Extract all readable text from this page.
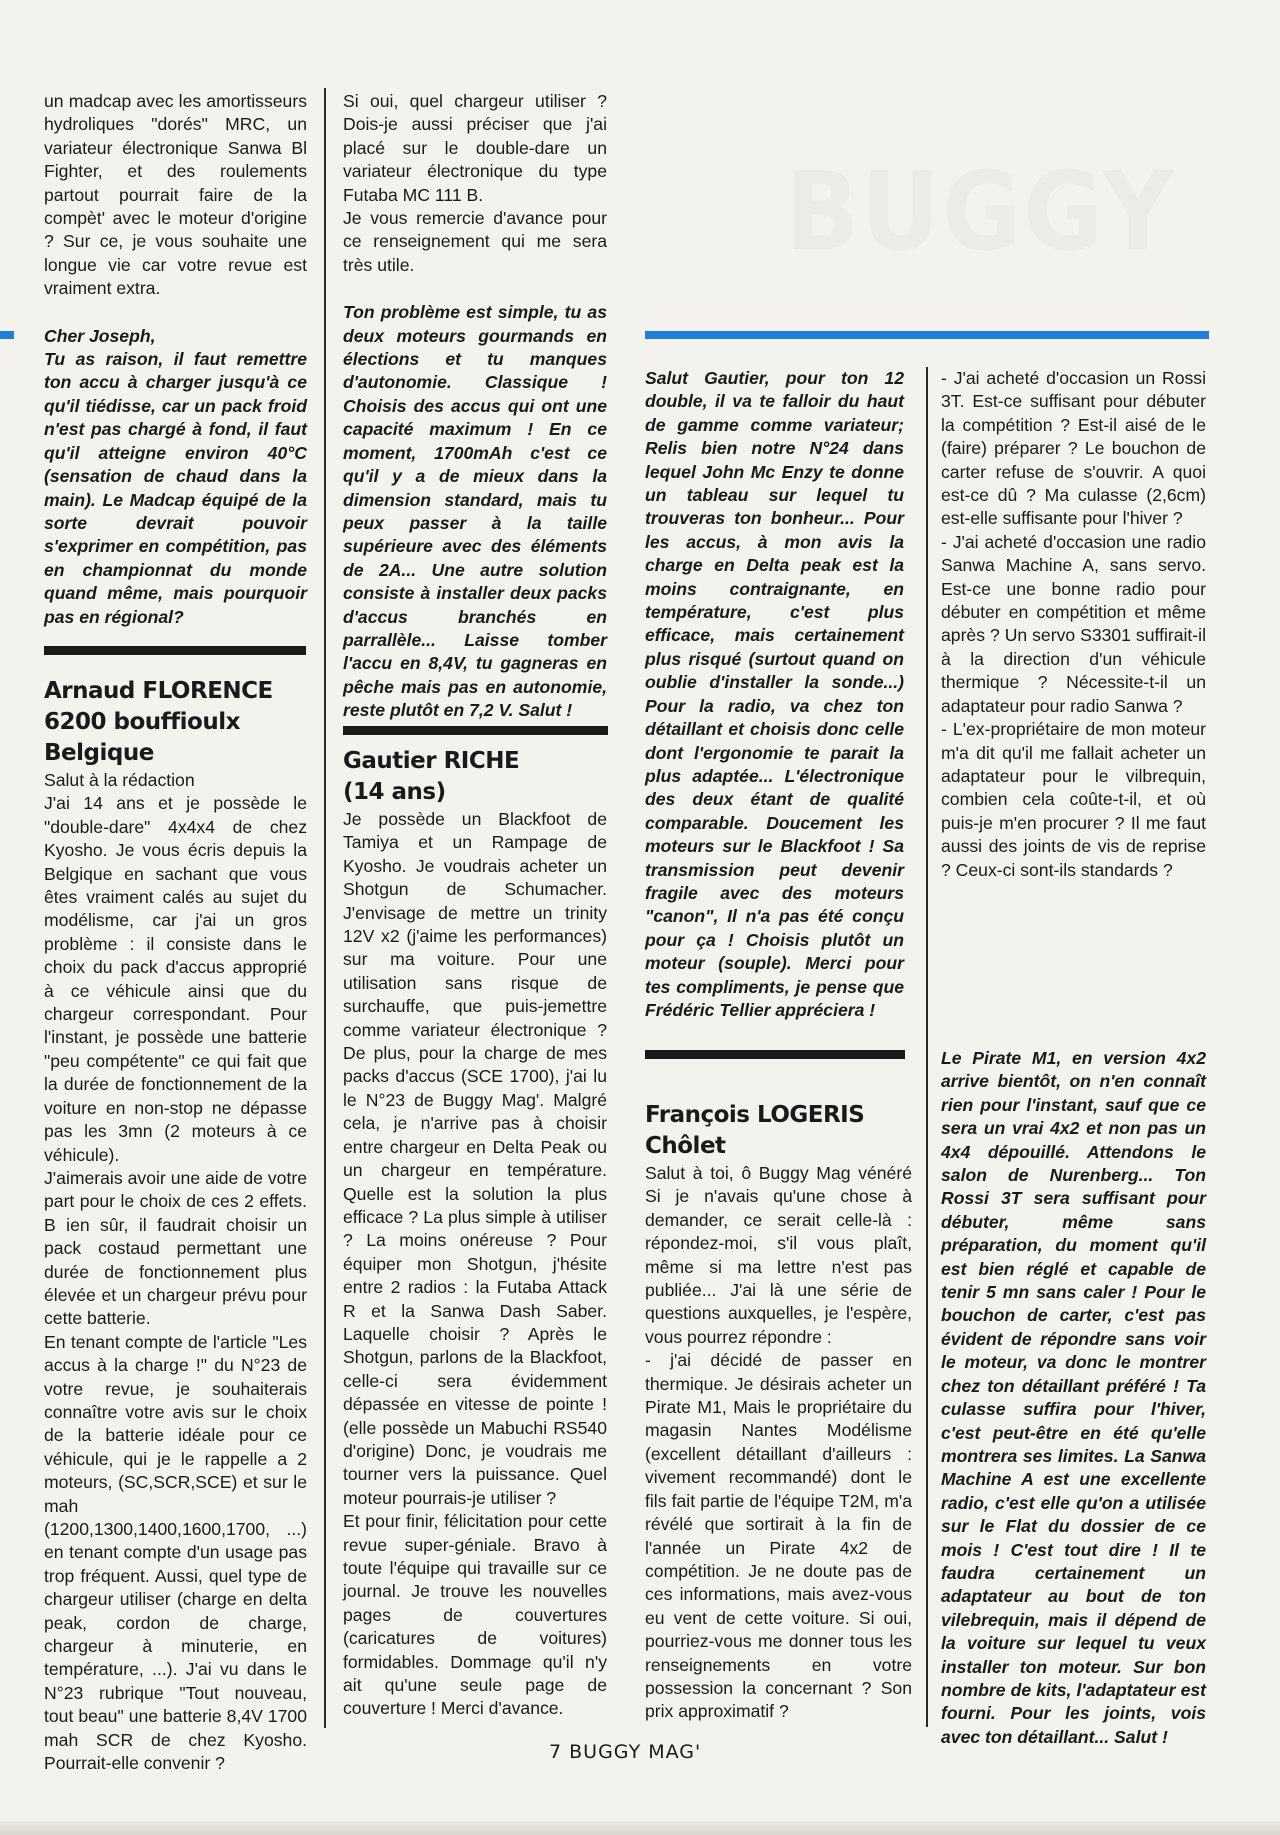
BUGGY

un madcap avec les amortisseurs hydroliques "dorés" MRC, un variateur électronique Sanwa Bl Fighter, et des roulements partout pourrait faire de la compèt' avec le moteur d'origine ? Sur ce, je vous souhaite une longue vie car votre revue est vraiment extra.

Cher Joseph,

Tu as raison, il faut remettre ton accu à charger jusqu'à ce qu'il tiédisse, car un pack froid n'est pas chargé à fond, il faut qu'il atteigne environ 40°C (sensation de chaud dans la main). Le Madcap équipé de la sorte devrait pouvoir s'exprimer en compétition, pas en championnat du monde quand même, mais pourquoir pas en régional?

Arnaud FLORENCE

6200 bouffioulx Belgique

Salut à la rédaction

J'ai 14 ans et je possède le "double-dare" 4x4x4 de chez Kyosho. Je vous écris depuis la Belgique en sachant que vous êtes vraiment calés au sujet du modélisme, car j'ai un gros problème : il consiste dans le choix du pack d'accus approprié à ce véhicule ainsi que du chargeur correspondant. Pour l'instant, je possède une batterie "peu compétente" ce qui fait que la durée de fonctionnement de la voiture en non-stop ne dépasse pas les 3mn (2 moteurs à ce véhicule).

J'aimerais avoir une aide de votre part pour le choix de ces 2 effets. B ien sûr, il faudrait choisir un pack costaud permettant une durée de fonctionnement plus élevée et un chargeur prévu pour cette batterie.

En tenant compte de l'article "Les accus à la charge !" du N°23 de votre revue, je souhaiterais connaître votre avis sur le choix de la batterie idéale pour ce véhicule, qui je le rappelle a 2 moteurs, (SC,SCR,SCE) et sur le mah (1200,1300,1400,1600,1700, ...) en tenant compte d'un usage pas trop fréquent. Aussi, quel type de chargeur utiliser (charge en delta peak, cordon de charge, chargeur à minuterie, en température, ...). J'ai vu dans le N°23 rubrique "Tout nouveau, tout beau" une batterie 8,4V 1700 mah SCR de chez Kyosho. Pourrait-elle convenir ?

Si oui, quel chargeur utiliser ? Dois-je aussi préciser que j'ai placé sur le double-dare un variateur électronique du type Futaba MC 111 B.

Je vous remercie d'avance pour ce renseignement qui me sera très utile.

Ton problème est simple, tu as deux moteurs gourmands en élections et tu manques d'autonomie. Classique ! Choisis des accus qui ont une capacité maximum ! En ce moment, 1700mAh c'est ce qu'il y a de mieux dans la dimension standard, mais tu peux passer à la taille supérieure avec des éléments de 2A... Une autre solution consiste à installer deux packs d'accus branchés en parrallèle... Laisse tomber l'accu en 8,4V, tu gagneras en pêche mais pas en autonomie, reste plutôt en 7,2 V. Salut !

Gautier RICHE

(14 ans)

Je possède un Blackfoot de Tamiya et un Rampage de Kyosho. Je voudrais acheter un Shotgun de Schumacher. J'envisage de mettre un trinity 12V x2 (j'aime les performances) sur ma voiture. Pour une utilisation sans risque de surchauffe, que puis-jemettre comme variateur électronique ? De plus, pour la charge de mes packs d'accus (SCE 1700), j'ai lu le N°23 de Buggy Mag'. Malgré cela, je n'arrive pas à choisir entre chargeur en Delta Peak ou un chargeur en température. Quelle est la solution la plus efficace ? La plus simple à utiliser ? La moins onéreuse ? Pour équiper mon Shotgun, j'hésite entre 2 radios : la Futaba Attack R et la Sanwa Dash Saber. Laquelle choisir ? Après le Shotgun, parlons de la Blackfoot, celle-ci sera évidemment dépassée en vitesse de pointe ! (elle possède un Mabuchi RS540 d'origine) Donc, je voudrais me tourner vers la puissance. Quel moteur pourrais-je utiliser ?

Et pour finir, félicitation pour cette revue super-géniale. Bravo à toute l'équipe qui travaille sur ce journal. Je trouve les nouvelles pages de couvertures (caricatures de voitures) formidables. Dommage qu'il n'y ait qu'une seule page de couverture ! Merci d'avance.

Salut Gautier, pour ton 12 double, il va te falloir du haut de gamme comme variateur; Relis bien notre N°24 dans lequel John Mc Enzy te donne un tableau sur lequel tu trouveras ton bonheur... Pour les accus, à mon avis la charge en Delta peak est la moins contraignante, en température, c'est plus efficace, mais certainement plus risqué (surtout quand on oublie d'installer la sonde...) Pour la radio, va chez ton détaillant et choisis donc celle dont l'ergonomie te parait la plus adaptée... L'électronique des deux étant de qualité comparable. Doucement les moteurs sur le Blackfoot ! Sa transmission peut devenir fragile avec des moteurs "canon", Il n'a pas été conçu pour ça ! Choisis plutôt un moteur (souple). Merci pour tes compliments, je pense que Frédéric Tellier appréciera !

François LOGERIS

Chôlet

Salut à toi, ô Buggy Mag vénéré Si je n'avais qu'une chose à demander, ce serait celle-là : répondez-moi, s'il vous plaît, même si ma lettre n'est pas publiée... J'ai là une série de questions auxquelles, je l'espère, vous pourrez répondre :

- j'ai décidé de passer en thermique. Je désirais acheter un Pirate M1, Mais le propriétaire du magasin Nantes Modélisme (excellent détaillant d'ailleurs : vivement recommandé) dont le fils fait partie de l'équipe T2M, m'a révélé que sortirait à la fin de l'année un Pirate 4x2 de compétition. Je ne doute pas de ces informations, mais avez-vous eu vent de cette voiture. Si oui, pourriez-vous me donner tous les renseignements en votre possession la concernant ? Son prix approximatif ?

- J'ai acheté d'occasion un Rossi 3T. Est-ce suffisant pour débuter la compétition ? Est-il aisé de le (faire) préparer ? Le bouchon de carter refuse de s'ouvrir. A quoi est-ce dû ? Ma culasse (2,6cm) est-elle suffisante pour l'hiver ?

- J'ai acheté d'occasion une radio Sanwa Machine A, sans servo. Est-ce une bonne radio pour débuter en compétition et même après ? Un servo S3301 suffirait-il à la direction d'un véhicule thermique ? Nécessite-t-il un adaptateur pour radio Sanwa ?

- L'ex-propriétaire de mon moteur m'a dit qu'il me fallait acheter un adaptateur pour le vilbrequin, combien cela coûte-t-il, et où puis-je m'en procurer ? Il me faut aussi des joints de vis de reprise ? Ceux-ci sont-ils standards ?

Le Pirate M1, en version 4x2 arrive bientôt, on n'en connaît rien pour l'instant, sauf que ce sera un vrai 4x2 et non pas un 4x4 dépouillé. Attendons le salon de Nurenberg... Ton Rossi 3T sera suffisant pour débuter, même sans préparation, du moment qu'il est bien réglé et capable de tenir 5 mn sans caler ! Pour le bouchon de carter, c'est pas évident de répondre sans voir le moteur, va donc le montrer chez ton détaillant préféré ! Ta culasse suffira pour l'hiver, c'est peut-être en été qu'elle montrera ses limites. La Sanwa Machine A est une excellente radio, c'est elle qu'on a utilisée sur le Flat du dossier de ce mois ! C'est tout dire ! Il te faudra certainement un adaptateur au bout de ton vilebrequin, mais il dépend de la voiture sur lequel tu veux installer ton moteur. Sur bon nombre de kits, l'adaptateur est fourni. Pour les joints, vois avec ton détaillant... Salut !

7 BUGGY MAG'
